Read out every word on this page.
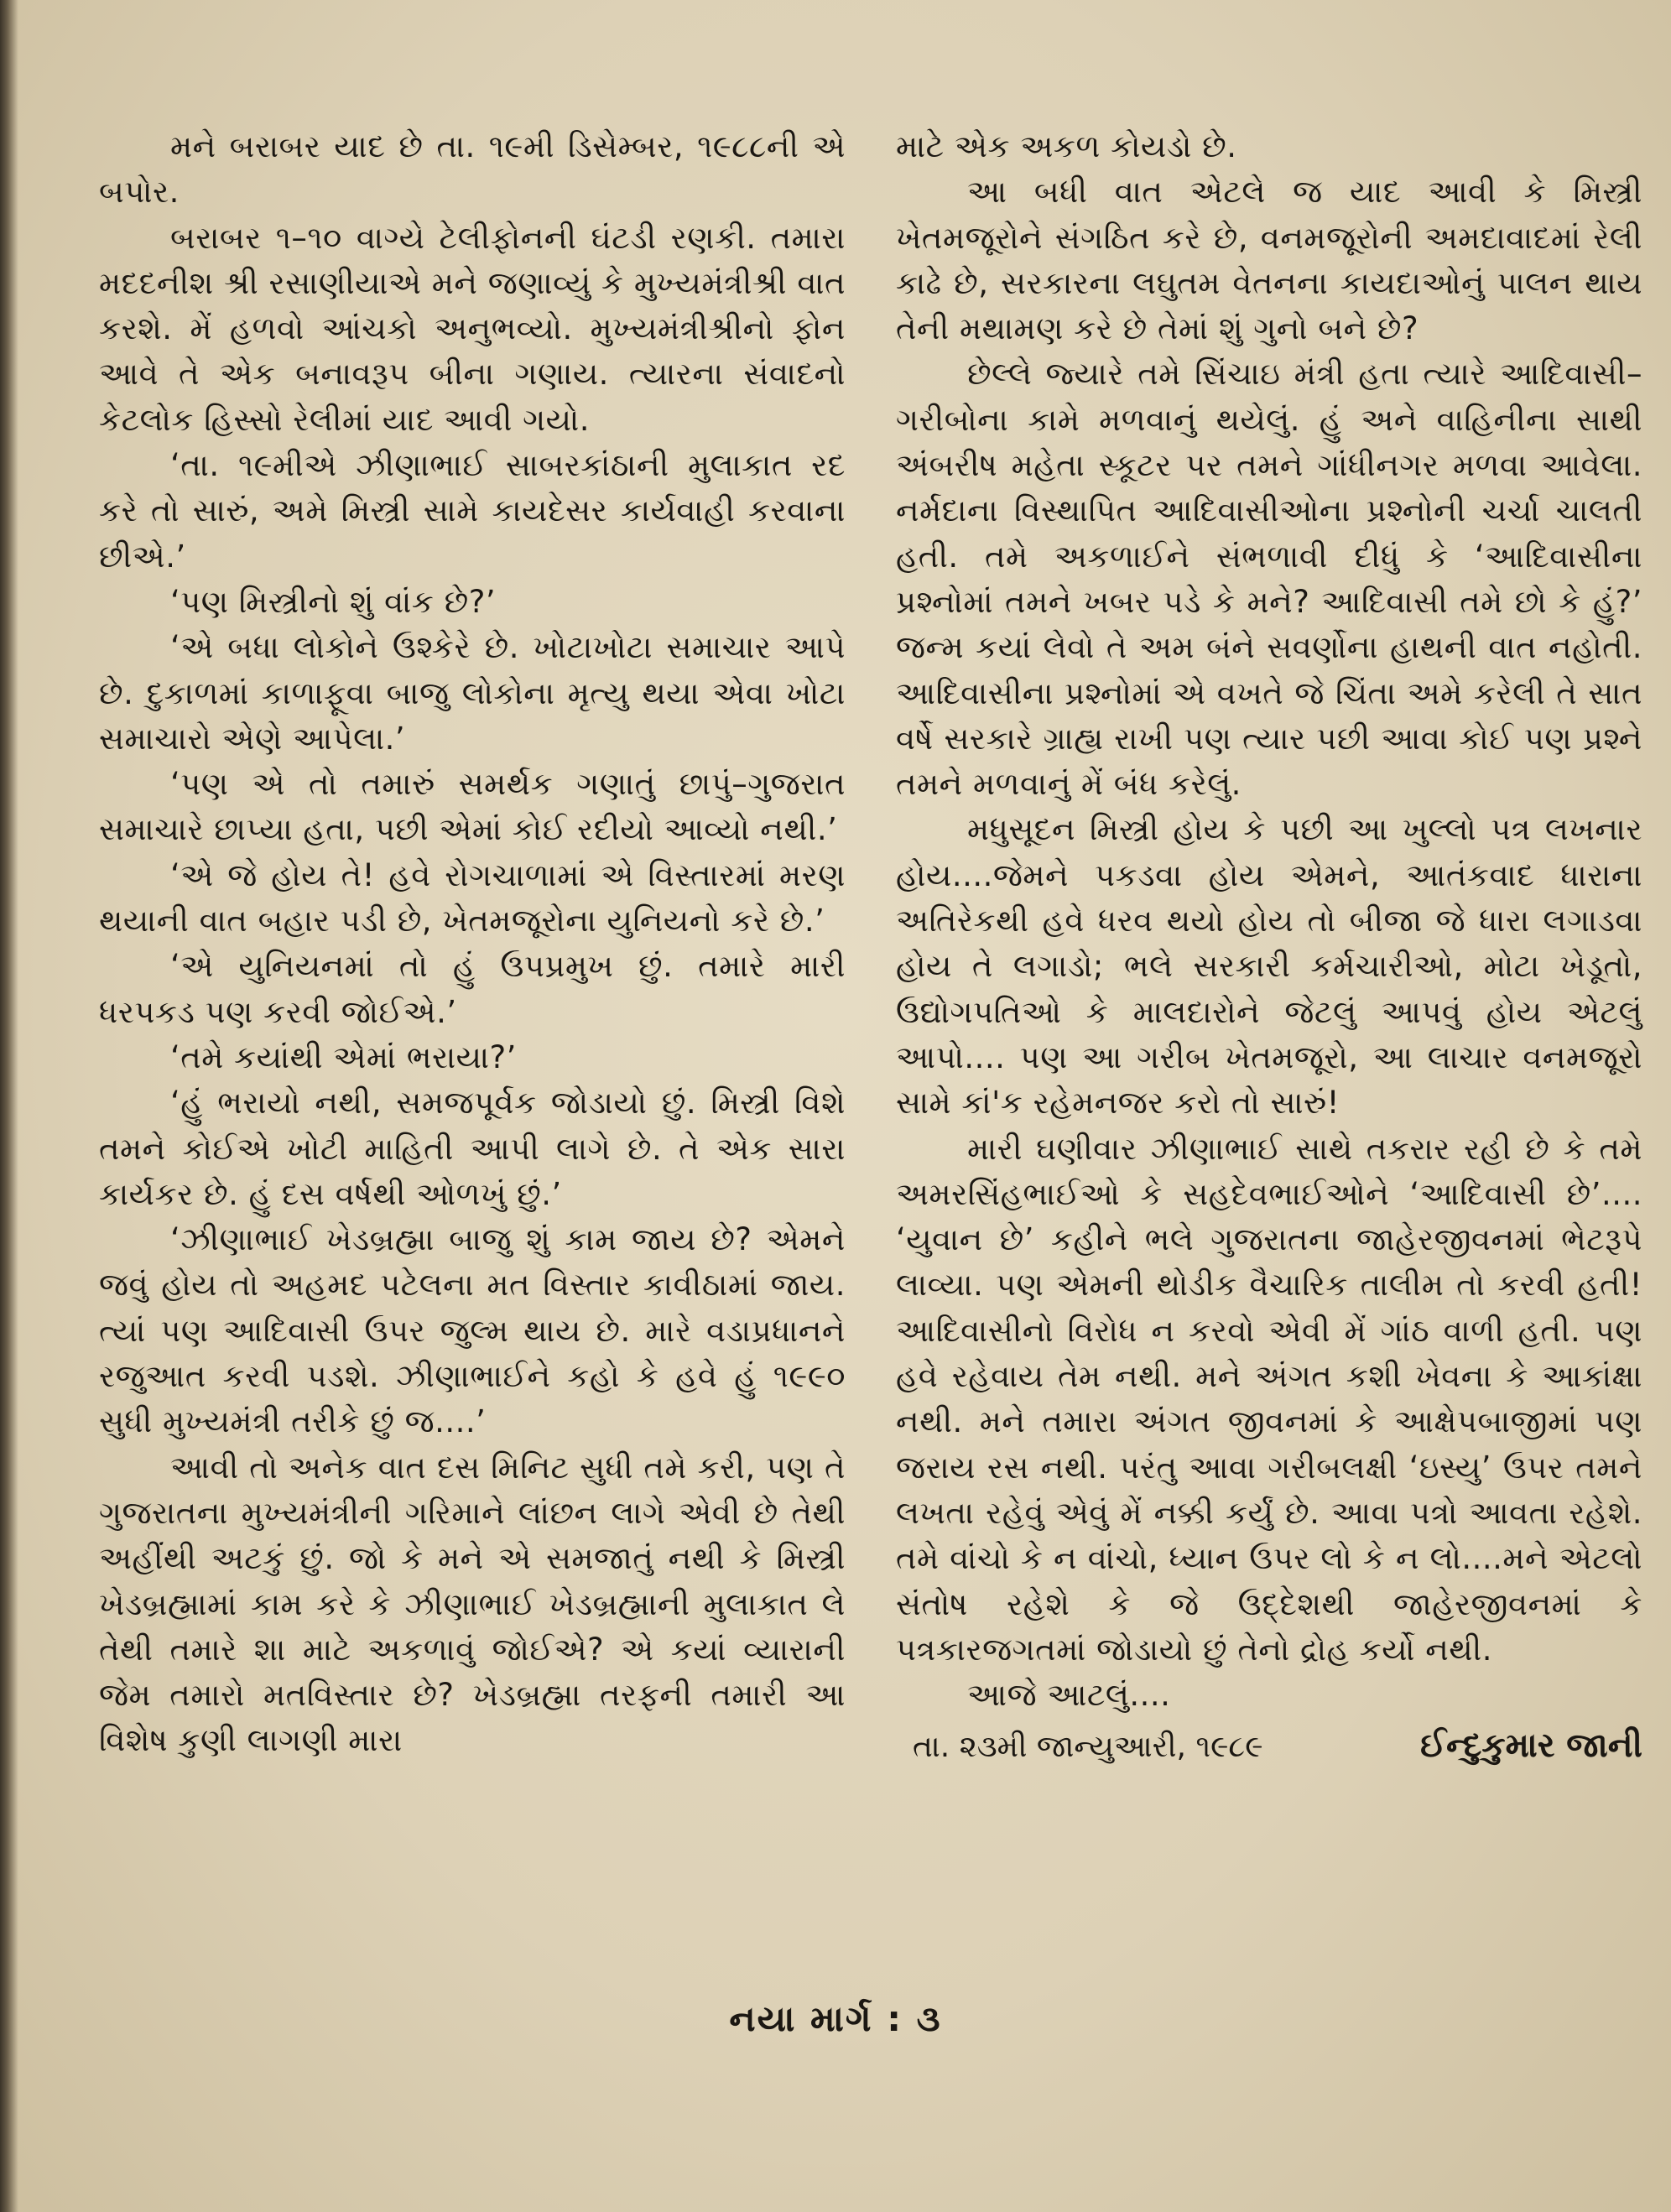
મને બરાબર યાદ છે તા. ૧૯મી ડિસેમ્બર, ૧૯૮૮ની એ બપોર.

બરાબર ૧–૧૦ વાગ્યે ટેલીફોનની ઘંટડી રણકી. તમારા મદદનીશ શ્રી રસાણીયાએ મને જણાવ્યું કે મુખ્યમંત્રીશ્રી વાત કરશે. મેં હળવો આંચકો અનુભવ્યો. મુખ્યમંત્રીશ્રીનો ફોન આવે તે એક બનાવરૂપ બીના ગણાય. ત્યારના સંવાદનો કેટલોક હિસ્સો રેલીમાં યાદ આવી ગયો.

‘તા. ૧૯મીએ ઝીણાભાઈ સાબરકાંઠાની મુલાકાત રદ કરે તો સારું, અમે મિસ્ત્રી સામે કાયદેસર કાર્યવાહી કરવાના છીએ.’

‘પણ મિસ્ત્રીનો શું વાંક છે?’

‘એ બધા લોકોને ઉશ્કેરે છે. ખોટાખોટા સમાચાર આપે છે. દુકાળમાં કાળાફૂવા બાજુ લોકોના મૃત્યુ થયા એવા ખોટા સમાચારો એણે આપેલા.’

‘પણ એ તો તમારું સમર્થક ગણાતું છાપું–ગુજરાત સમાચારે છાપ્યા હતા, પછી એમાં કોઈ રદીયો આવ્યો નથી.’

‘એ જે હોય તે! હવે રોગચાળામાં એ વિસ્તારમાં મરણ થયાની વાત બહાર પડી છે, ખેતમજૂરોના યુનિયનો કરે છે.’

‘એ યુનિયનમાં તો હું ઉપપ્રમુખ છું. તમારે મારી ધરપકડ પણ કરવી જોઈએ.’

‘તમે કયાંથી એમાં ભરાયા?’

‘હું ભરાયો નથી, સમજપૂર્વક જોડાયો છું. મિસ્ત્રી વિશે તમને કોઈએ ખોટી માહિતી આપી લાગે છે. તે એક સારા કાર્યકર છે. હું દસ વર્ષથી ઓળખું છું.’

‘ઝીણાભાઈ ખેડબ્રહ્મા બાજુ શું કામ જાય છે? એમને જવું હોય તો અહમદ પટેલના મત વિસ્તાર કાવીઠામાં જાય. ત્યાં પણ આદિવાસી ઉપર જુલ્મ થાય છે. મારે વડાપ્રધાનને રજુઆત કરવી પડશે. ઝીણાભાઈને કહો કે હવે હું ૧૯૯૦ સુધી મુખ્યમંત્રી તરીકે છું જ....’

આવી તો અનેક વાત દસ મિનિટ સુધી તમે કરી, પણ તે ગુજરાતના મુખ્યમંત્રીની ગરિમાને લાંછન લાગે એવી છે તેથી અહીંથી અટકું છું. જો કે મને એ સમજાતું નથી કે મિસ્ત્રી ખેડબ્રહ્મામાં કામ કરે કે ઝીણાભાઈ ખેડબ્રહ્માની મુલાકાત લે તેથી તમારે શા માટે અકળાવું જોઈએ? એ કયાં વ્યારાની જેમ તમારો મતવિસ્તાર છે? ખેડબ્રહ્મા તરફની તમારી આ વિશેષ કુણી લાગણી મારા

માટે એક અકળ કોયડો છે.

આ બધી વાત એટલે જ યાદ આવી કે મિસ્ત્રી ખેતમજૂરોને સંગઠિત કરે છે, વનમજૂરોની અમદાવાદમાં રેલી કાઢે છે, સરકારના લઘુતમ વેતનના કાયદાઓનું પાલન થાય તેની મથામણ કરે છે તેમાં શું ગુનો બને છે?

છેલ્લે જ્યારે તમે સિંચાઇ મંત્રી હતા ત્યારે આદિવાસી–ગરીબોના કામે મળવાનું થયેલું. હું અને વાહિનીના સાથી અંબરીષ મહેતા સ્કૂટર પર તમને ગાંધીનગર મળવા આવેલા. નર્મદાના વિસ્થાપિત આદિવાસીઓના પ્રશ્નોની ચર્ચા ચાલતી હતી. તમે અકળાઈને સંભળાવી દીધું કે ‘આદિવાસીના પ્રશ્નોમાં તમને ખબર પડે કે મને? આદિવાસી તમે છો કે હું?’ જન્મ કયાં લેવો તે અમ બંને સવર્ણોના હાથની વાત નહોતી. આદિવાસીના પ્રશ્નોમાં એ વખતે જે ચિંતા અમે કરેલી તે સાત વર્ષે સરકારે ગ્રાહ્ય રાખી પણ ત્યાર પછી આવા કોઈ પણ પ્રશ્ને તમને મળવાનું મેં બંધ કરેલું.

મધુસૂદન મિસ્ત્રી હોય કે પછી આ ખુલ્લો પત્ર લખનાર હોય....જેમને પકડવા હોય એમને, આતંકવાદ ધારાના અતિરેકથી હવે ધરવ થયો હોય તો બીજા જે ધારા લગાડવા હોય તે લગાડો; ભલે સરકારી કર્મચારીઓ, મોટા ખેડૂતો, ઉદ્યોગપતિઓ કે માલદારોને જેટલું આપવું હોય એટલું આપો.... પણ આ ગરીબ ખેતમજૂરો, આ લાચાર વનમજૂરો સામે કાં'ક રહેમનજર કરો તો સારું!

મારી ઘણીવાર ઝીણાભાઈ સાથે તકરાર રહી છે કે તમે અમરસિંહભાઈઓ કે સહદેવભાઈઓને ‘આદિવાસી છે’.... ‘યુવાન છે’ કહીને ભલે ગુજરાતના જાહેરજીવનમાં ભેટરૂપે લાવ્યા. પણ એમની થોડીક વૈચારિક તાલીમ તો કરવી હતી! આદિવાસીનો વિરોધ ન કરવો એવી મેં ગાંઠ વાળી હતી. પણ હવે રહેવાય તેમ નથી. મને અંગત કશી ખેવના કે આકાંક્ષા નથી. મને તમારા અંગત જીવનમાં કે આક્ષેપબાજીમાં પણ જરાય રસ નથી. પરંતુ આવા ગરીબલક્ષી ‘ઇસ્યુ’ ઉપર તમને લખતા રહેવું એવું મેં નક્કી કર્યું છે. આવા પત્રો આવતા રહેશે. તમે વાંચો કે ન વાંચો, ધ્યાન ઉપર લો કે ન લો....મને એટલો સંતોષ રહેશે કે જે ઉદ્દેશથી જાહેરજીવનમાં કે પત્રકારજગતમાં જોડાયો છું તેનો દ્રોહ કર્યો નથી.

આજે આટલું....

તા. ૨૩મી જાન્યુઆરી, ૧૯૮૯	ઈન્દુકુમાર જાની
નયા માર્ગ : ૩
